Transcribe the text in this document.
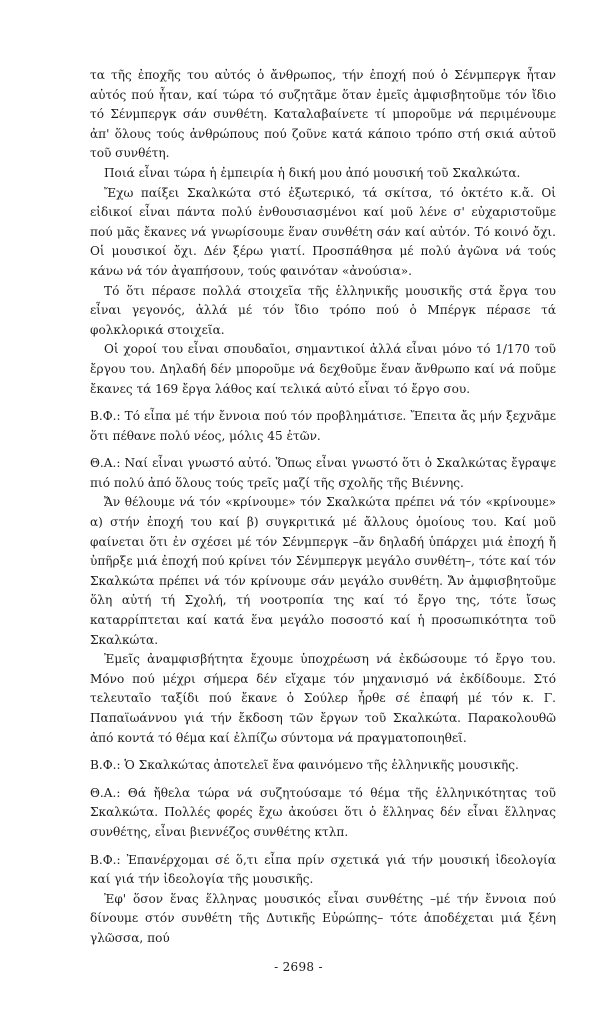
τα τῆς ἐποχῆς του αὐτός ὁ ἄνθρωπος, τήν ἐποχή πού ὁ Σένμπεργκ ἦταν αὐτός πού ἦταν, καί τώρα τό συζητᾶμε ὅταν ἐμεῖς ἀμφισβητοῦμε τόν ἴδιο τό Σένμπεργκ σάν συνθέτη. Καταλαβαίνετε τί μποροῦμε νά περιμένουμε ἀπ' ὅλους τούς ἀνθρώπους πού ζοῦνε κατά κάποιο τρόπο στή σκιά αὐτοῦ τοῦ συνθέτη.

Ποιά εἶναι τώρα ἡ ἐμπειρία ἡ δική μου ἀπό μουσική τοῦ Σκαλκώτα.

Ἔχω παίξει Σκαλκώτα στό ἐξωτερικό, τά σκίτσα, τό ὀκτέτο κ.ἄ. Οἱ εἰδικοί εἶναι πάντα πολύ ἐνθουσιασμένοι καί μοῦ λένε σ' εὐχαριστοῦμε πού μᾶς ἔκανες νά γνωρίσουμε ἕναν συνθέτη σάν καί αὐτόν. Τό κοινό ὄχι. Οἱ μουσικοί ὄχι. Δέν ξέρω γιατί. Προσπάθησα μέ πολύ ἀγῶνα νά τούς κάνω νά τόν ἀγαπήσουν, τούς φαινόταν «ἀνούσια».

Τό ὅτι πέρασε πολλά στοιχεῖα τῆς ἑλληνικῆς μουσικῆς στά ἔργα του εἶναι γεγονός, ἀλλά μέ τόν ἴδιο τρόπο πού ὁ Μπέργκ πέρασε τά φολκλορικά στοιχεῖα.

Οἱ χοροί του εἶναι σπουδαῖοι, σημαντικοί ἀλλά εἶναι μόνο τό 1/170 τοῦ ἔργου του. Δηλαδή δέν μποροῦμε νά δεχθοῦμε ἕναν ἄνθρωπο καί νά ποῦμε ἔκανες τά 169 ἔργα λάθος καί τελικά αὐτό εἶναι τό ἔργο σου.

Β.Φ.: Τό εἶπα μέ τήν ἔννοια πού τόν προβλημάτισε. Ἔπειτα ἄς μήν ξεχνᾶμε ὅτι πέθανε πολύ νέος, μόλις 45 ἐτῶν.

Θ.Α.: Ναί εἶναι γνωστό αὐτό. Ὅπως εἶναι γνωστό ὅτι ὁ Σκαλκώτας ἔγραψε πιό πολύ ἀπό ὅλους τούς τρεῖς μαζί τῆς σχολῆς τῆς Βιέννης.

Ἄν θέλουμε νά τόν «κρίνουμε» τόν Σκαλκώτα πρέπει νά τόν «κρίνουμε» α) στήν ἐποχή του καί β) συγκριτικά μέ ἄλλους ὁμοίους του. Καί μοῦ φαίνεται ὅτι ἐν σχέσει μέ τόν Σένμπεργκ –ἄν δηλαδή ὑπάρχει μιά ἐποχή ἤ ὑπῆρξε μιά ἐποχή πού κρίνει τόν Σένμπεργκ μεγάλο συνθέτη–, τότε καί τόν Σκαλκώτα πρέπει νά τόν κρίνουμε σάν μεγάλο συνθέτη. Ἄν ἀμφισβητοῦμε ὅλη αὐτή τή Σχολή, τή νοοτροπία της καί τό ἔργο της, τότε ἴσως καταρρίπτεται καί κατά ἕνα μεγάλο ποσοστό καί ἡ προσωπικότητα τοῦ Σκαλκώτα.

Ἐμεῖς ἀναμφισβήτητα ἔχουμε ὑποχρέωση νά ἐκδώσουμε τό ἔργο του. Μόνο πού μέχρι σήμερα δέν εἴχαμε τόν μηχανισμό νά ἐκδίδουμε. Στό τελευταῖο ταξίδι πού ἔκανε ὁ Σούλερ ἦρθε σέ ἐπαφή μέ τόν κ. Γ. Παπαϊωάννου γιά τήν ἔκδοση τῶν ἔργων τοῦ Σκαλκώτα. Παρακολουθῶ ἀπό κοντά τό θέμα καί ἐλπίζω σύντομα νά πραγματοποιηθεῖ.

Β.Φ.: Ὁ Σκαλκώτας ἀποτελεῖ ἕνα φαινόμενο τῆς ἑλληνικῆς μουσικῆς.

Θ.Α.: Θά ἤθελα τώρα νά συζητούσαμε τό θέμα τῆς ἑλληνικότητας τοῦ Σκαλκώτα. Πολλές φορές ἔχω ἀκούσει ὅτι ὁ ἕλληνας δέν εἶναι ἕλληνας συνθέτης, εἶναι βιεννέζος συνθέτης κτλπ.

Β.Φ.: Ἐπανέρχομαι σέ ὅ,τι εἶπα πρίν σχετικά γιά τήν μουσική ἰδεολογία καί γιά τήν ἰδεολογία τῆς μουσικῆς.

Ἐφ' ὅσον ἕνας ἕλληνας μουσικός εἶναι συνθέτης –μέ τήν ἔννοια πού δίνουμε στόν συνθέτη τῆς Δυτικῆς Εὐρώπης– τότε ἀποδέχεται μιά ξένη γλῶσσα, πού

- 2698 -
